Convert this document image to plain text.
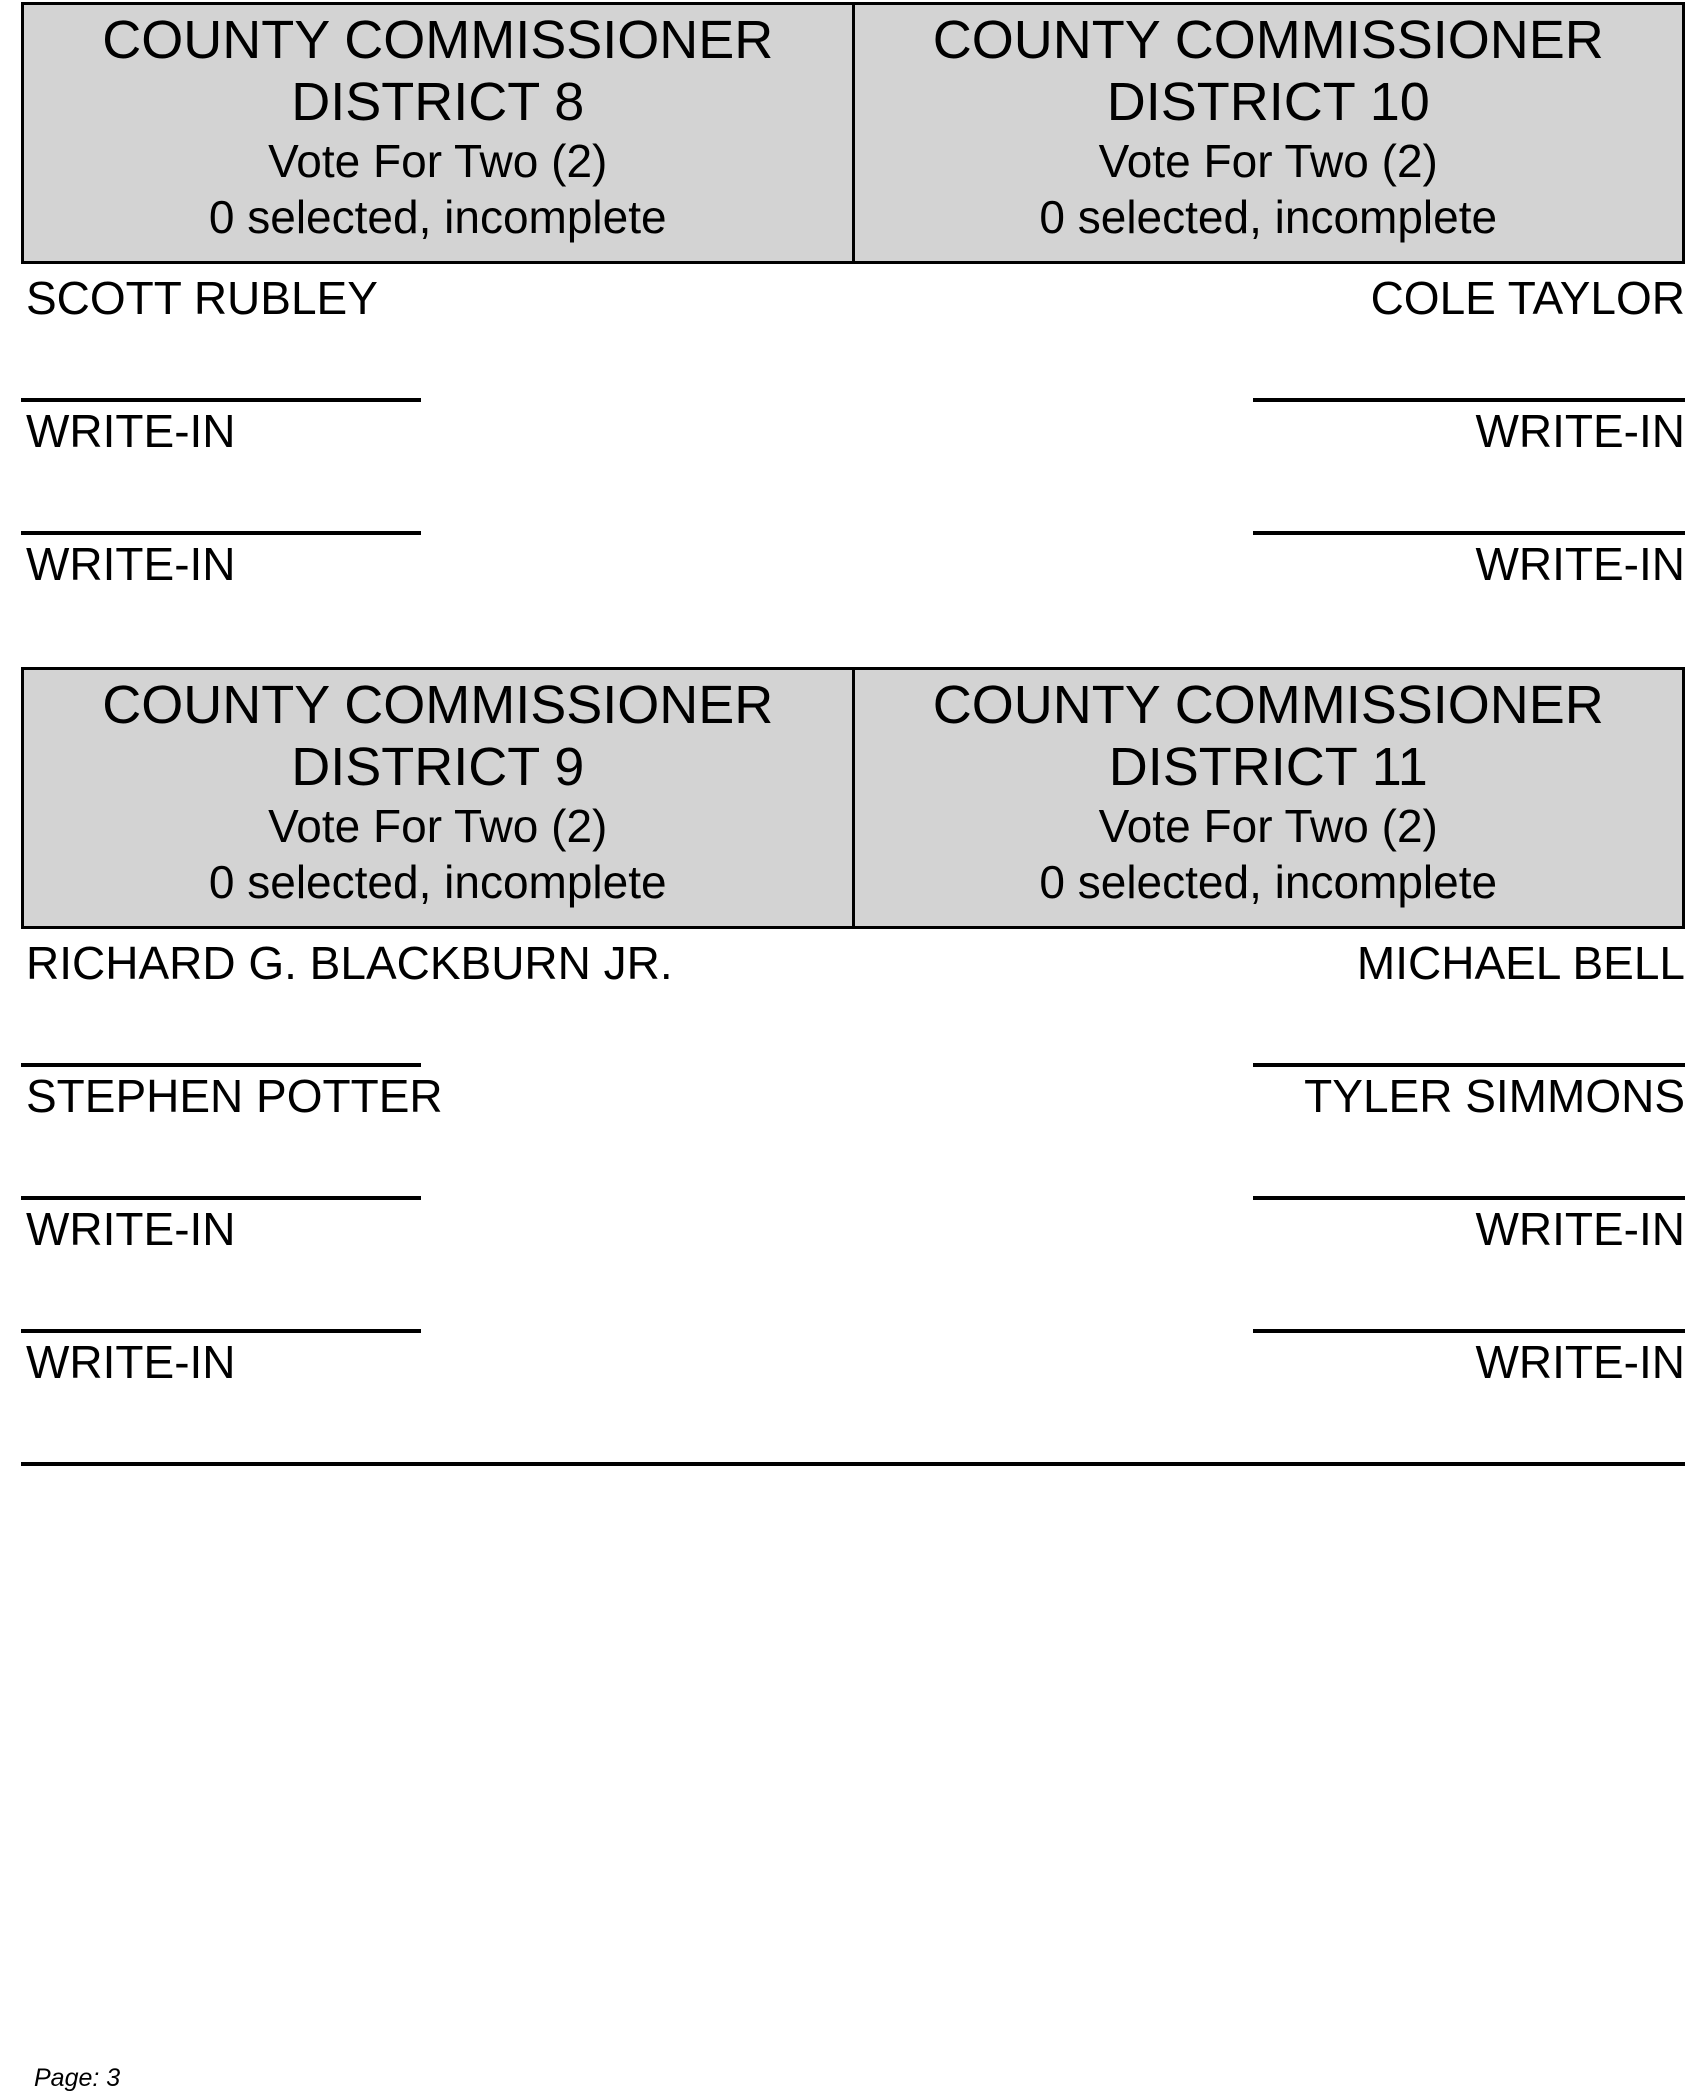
COUNTY COMMISSIONER
DISTRICT 8
Vote For Two (2)
0 selected, incomplete
COUNTY COMMISSIONER
DISTRICT 10
Vote For Two (2)
0 selected, incomplete
SCOTT RUBLEY
WRITE-IN
WRITE-IN
COLE TAYLOR
WRITE-IN
WRITE-IN
COUNTY COMMISSIONER
DISTRICT 9
Vote For Two (2)
0 selected, incomplete
COUNTY COMMISSIONER
DISTRICT 11
Vote For Two (2)
0 selected, incomplete
RICHARD G. BLACKBURN JR.
STEPHEN POTTER
WRITE-IN
WRITE-IN
MICHAEL BELL
TYLER SIMMONS
WRITE-IN
WRITE-IN
Page: 3
